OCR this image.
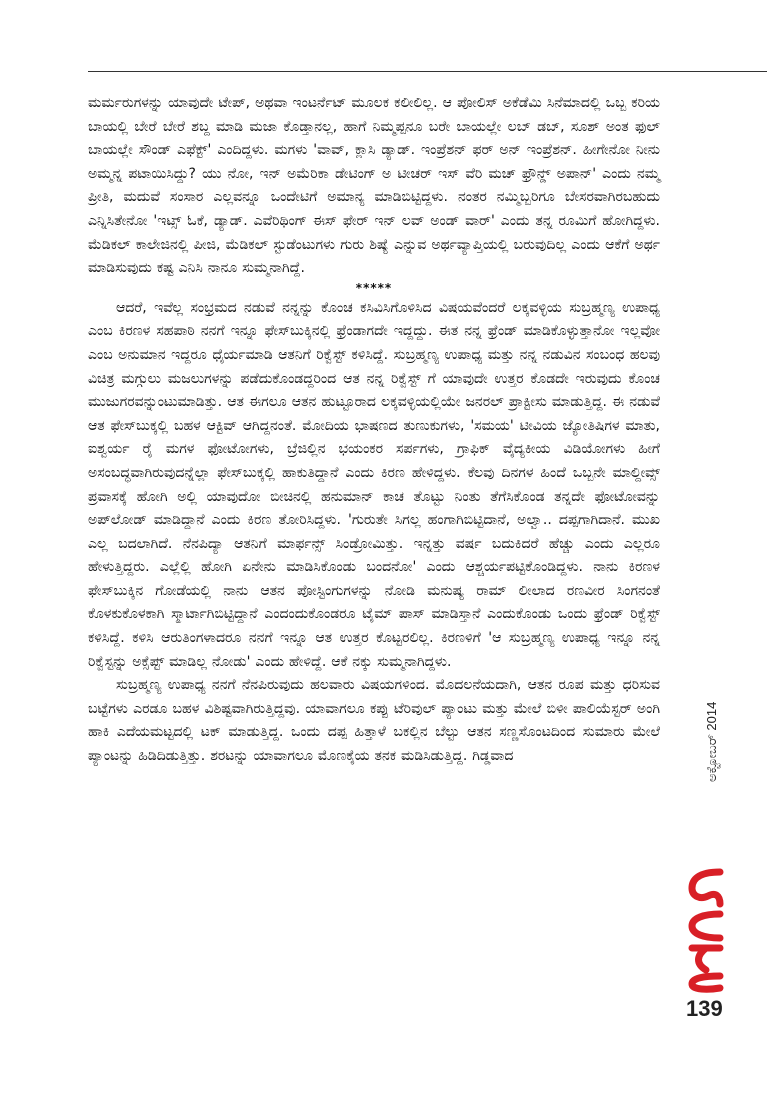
ಮರ್ಮರುಗಳನ್ನು ಯಾವುದೇ ಟೇಪ್, ಅಥವಾ ಇಂಟರ್ನೆಟ್ ಮೂಲಕ ಕಲೀಲಿಲ್ಲ. ಆ ಪೋಲಿಸ್ ಅಕೆಡೆಮಿ ಸಿನೆಮಾದಲ್ಲಿ ಒಬ್ಬ ಕರಿಯ ಬಾಯಲ್ಲಿ ಬೇರೆ ಬೇರೆ ಶಬ್ದ ಮಾಡಿ ಮಜಾ ಕೊಡ್ತಾನಲ್ಲ, ಹಾಗೆ ನಿಮ್ಮಪ್ಪನೂ ಬರೇ ಬಾಯಲ್ಲೇ ಲಬ್ ಡಬ್, ಸೂಶ್ ಅಂತ ಫುಲ್ ಬಾಯಲ್ಲೇ ಸೌಂಡ್ ಎಫೆಕ್ಟ್' ಎಂದಿದ್ದಳು. ಮಗಳು 'ವಾವ್, ಕ್ಲಾಸಿ ಡ್ಯಾಡ್. ಇಂಪ್ರೆಶನ್ ಫರ್ ಅನ್ ಇಂಪ್ರೆಶನ್. ಹೀಗೇನೋ ನೀನು ಅಮ್ಮನ್ನ ಪಟಾಯಿಸಿದ್ದು? ಯು ನೋ, ಇನ್ ಅಮೆರಿಕಾ ಡೇಟಿಂಗ್ ಅ ಟೀಚರ್ ಇಸ್ ವೆರಿ ಮಚ್ ಫ್ರೌನ್ಡ್ ಅಪಾನ್' ಎಂದು ನಮ್ಮ ಪ್ರೀತಿ, ಮದುವೆ ಸಂಸಾರ ಎಲ್ಲವನ್ನೂ ಒಂದೇಟಿಗೆ ಅಮಾನ್ಯ ಮಾಡಿಬಿಟ್ಟಿದ್ದಳು. ನಂತರ ನಮ್ಮಿಬ್ಬರಿಗೂ ಬೇಸರವಾಗಿರಬಹುದು ಎನ್ನಿಸಿತೇನೋ 'ಇಟ್ಸ್ ಓಕೆ, ಡ್ಯಾಡ್. ಎವೆರಿಥಿಂಗ್ ಈಸ್ ಫೇರ್ ಇನ್ ಲವ್ ಅಂಡ್ ವಾರ್' ಎಂದು ತನ್ನ ರೂಮಿಗೆ ಹೋಗಿದ್ದಳು. ಮೆಡಿಕಲ್ ಕಾಲೇಜಿನಲ್ಲಿ ಪೀಜಿ, ಮೆಡಿಕಲ್ ಸ್ಟುಡೆಂಟುಗಳು ಗುರು ಶಿಷ್ಯೆ ಎನ್ನುವ ಅರ್ಥವ್ಯಾಪ್ತಿಯಲ್ಲಿ ಬರುವುದಿಲ್ಲ ಎಂದು ಆಕೆಗೆ ಅರ್ಥ ಮಾಡಿಸುವುದು ಕಷ್ಟ ಎನಿಸಿ ನಾನೂ ಸುಮ್ಮನಾಗಿದ್ದೆ.

*****

ಆದರೆ, ಇವೆಲ್ಲ ಸಂಭ್ರಮದ ನಡುವೆ ನನ್ನನ್ನು ಕೊಂಚ ಕಸಿವಿಸಿಗೊಳಿಸಿದ ವಿಷಯವೆಂದರೆ ಲಕ್ಕವಳ್ಳಿಯ ಸುಬ್ರಹ್ಮಣ್ಯ ಉಪಾಧ್ಯ ಎಂಬ ಕಿರಣಳ ಸಹಪಾಠಿ ನನಗೆ ಇನ್ನೂ ಫೇಸ್‌ಬುಕ್ಕಿನಲ್ಲಿ ಫ್ರೆಂಡಾಗದೇ ಇದ್ದದ್ದು. ಈತ ನನ್ನ ಫ್ರೆಂಡ್ ಮಾಡಿಕೊಳ್ಳುತ್ತಾನೋ ಇಲ್ಲವೋ ಎಂಬ ಅನುಮಾನ ಇದ್ದರೂ ಧೈರ್ಯಮಾಡಿ ಆತನಿಗೆ ರಿಕ್ವೆಸ್ಟ್ ಕಳಿಸಿದ್ದೆ. ಸುಬ್ರಹ್ಮಣ್ಯ ಉಪಾಧ್ಯ ಮತ್ತು ನನ್ನ ನಡುವಿನ ಸಂಬಂಧ ಹಲವು ವಿಚಿತ್ರ ಮಗ್ಗುಲು ಮಜಲುಗಳನ್ನು ಪಡೆದುಕೊಂಡದ್ದರಿಂದ ಆತ ನನ್ನ ರಿಕ್ವೆಸ್ಟ್ ಗೆ ಯಾವುದೇ ಉತ್ತರ ಕೊಡದೇ ಇರುವುದು ಕೊಂಚ ಮುಜುಗರವನ್ನುಂಟುಮಾಡಿತ್ತು. ಆತ ಈಗಲೂ ಆತನ ಹುಟ್ಟೂರಾದ ಲಕ್ಕವಳ್ಳಿಯಲ್ಲಿಯೇ ಜನರಲ್ ಪ್ರಾಕ್ಟೀಸು ಮಾಡುತ್ತಿದ್ದ. ಈ ನಡುವೆ ಆತ ಫೇಸ್‌ಬುಕ್ಕಲ್ಲಿ ಬಹಳ ಆಕ್ಟಿವ್ ಆಗಿದ್ದನಂತೆ. ಮೋದಿಯ ಭಾಷಣದ ತುಣುಕುಗಳು, 'ಸಮಯ' ಟೀವಿಯ ಜ್ಯೋತಿಷಿಗಳ ಮಾತು, ಐಶ್ವರ್ಯ ರೈ ಮಗಳ ಫೋಟೋಗಳು, ಬ್ರೆಜಿಲ್ಲಿನ ಭಯಂಕರ ಸರ್ಪಗಳು, ಗ್ರಾಫಿಕ್ ವೈದ್ಯಕೀಯ ವಿಡಿಯೋಗಳು ಹೀಗೆ ಅಸಂಬದ್ಧವಾಗಿರುವುದನ್ನೆಲ್ಲಾ ಫೇಸ್‌ಬುಕ್ಕಲ್ಲಿ ಹಾಕುತಿದ್ದಾನೆ ಎಂದು ಕಿರಣ ಹೇಳಿದ್ದಳು. ಕೆಲವು ದಿನಗಳ ಹಿಂದೆ ಒಬ್ಬನೇ ಮಾಲ್ದೀವ್ಸ್ ಪ್ರವಾಸಕ್ಕೆ ಹೋಗಿ ಅಲ್ಲಿ ಯಾವುದೋ ಬೀಚಿನಲ್ಲಿ ಹನುಮಾನ್ ಕಾಚ ತೊಟ್ಟು ನಿಂತು ತೆಗೆಸಿಕೊಂಡ ತನ್ನದೇ ಫೋಟೋವನ್ನು ಅಪ್‌ಲೋಡ್ ಮಾಡಿದ್ದಾನೆ ಎಂದು ಕಿರಣ ತೋರಿಸಿದ್ದಳು. 'ಗುರುತೇ ಸಿಗಲ್ಲ ಹಂಗಾಗಿಬಿಟ್ಟಿದಾನೆ, ಅಲ್ವಾ.. ದಪ್ಪಗಾಗಿದಾನೆ. ಮುಖ ಎಲ್ಲ ಬದಲಾಗಿದೆ. ನೆನಪಿದ್ಯಾ ಆತನಿಗೆ ಮಾರ್ಫನ್ಸ್ ಸಿಂಡ್ರೋಮಿತ್ತು. ಇನ್ನತ್ತು ವರ್ಷ ಬದುಕಿದರೆ ಹೆಚ್ಚು ಎಂದು ಎಲ್ಲರೂ ಹೇಳುತ್ತಿದ್ದರು. ಎಲ್ಲೆಲ್ಲಿ ಹೋಗಿ ಏನೇನು ಮಾಡಿಸಿಕೊಂಡು ಬಂದನೋ' ಎಂದು ಆಶ್ಚರ್ಯಪಟ್ಟಿಕೊಂಡಿದ್ದಳು. ನಾನು ಕಿರಣಳ ಫೇಸ್‌ಬುಕ್ಕಿನ ಗೋಡೆಯಲ್ಲಿ ನಾನು ಆತನ ಪೋಸ್ಟಿಂಗುಗಳನ್ನು ನೋಡಿ ಮನುಷ್ಯ ರಾಮ್ ಲೀಲಾದ ರಣವೀರ ಸಿಂಗನಂತೆ ಕೊಳಕುಕೊಳಕಾಗಿ ಸ್ಮಾರ್ಟಾಗಿಬಿಟ್ಟಿದ್ದಾನೆ ಎಂದಂದುಕೊಂಡರೂ ಟೈಮ್ ಪಾಸ್ ಮಾಡಿಸ್ತಾನೆ ಎಂದುಕೊಂಡು ಒಂದು ಫ್ರೆಂಡ್ ರಿಕ್ವೆಸ್ಟ್ ಕಳಿಸಿದ್ದೆ. ಕಳಿಸಿ ಆರುತಿಂಗಳಾದರೂ ನನಗೆ ಇನ್ನೂ ಆತ ಉತ್ತರ ಕೊಟ್ಟರಲಿಲ್ಲ. ಕಿರಣಳಿಗೆ 'ಆ ಸುಬ್ರಹ್ಮಣ್ಯ ಉಪಾಧ್ಯ ಇನ್ನೂ ನನ್ನ ರಿಕ್ವೆಸ್ಟನ್ನು ಅಕ್ಸೆಪ್ಟ್ ಮಾಡಿಲ್ಲ ನೋಡು' ಎಂದು ಹೇಳಿದ್ದೆ. ಆಕೆ ನಕ್ಕು ಸುಮ್ಮನಾಗಿದ್ದಳು.

ಸುಬ್ರಹ್ಮಣ್ಯ ಉಪಾಧ್ಯ ನನಗೆ ನೆನಪಿರುವುದು ಹಲವಾರು ವಿಷಯಗಳಿಂದ. ಮೊದಲನೆಯದಾಗಿ, ಆತನ ರೂಪ ಮತ್ತು ಧರಿಸುವ ಬಟ್ಟೆಗಳು ಎರಡೂ ಬಹಳ ವಿಶಿಷ್ಟವಾಗಿರುತ್ತಿದ್ದವು. ಯಾವಾಗಲೂ ಕಪ್ಪು ಟೆರಿವುಲ್ ಪ್ಯಾಂಟು ಮತ್ತು ಮೇಲೆ ಬಿಳೀ ಪಾಲಿಯೆಸ್ಟರ್ ಅಂಗಿ ಹಾಕಿ ಎದೆಯಮಟ್ಟದಲ್ಲಿ ಟಕ್ ಮಾಡುತ್ತಿದ್ದ. ಒಂದು ದಪ್ಪ ಹಿತ್ತಾಳೆ ಬಕಲ್ಲಿನ ಬೆಲ್ಟು ಆತನ ಸಣ್ಣಸೊಂಟದಿಂದ ಸುಮಾರು ಮೇಲೆ ಪ್ಯಾಂಟನ್ನು ಹಿಡಿದಿಡುತ್ತಿತ್ತು. ಶರಟನ್ನು ಯಾವಾಗಲೂ ಮೊಣಕೈಯ ತನಕ ಮಡಿಸಿಡುತ್ತಿದ್ದ. ಗಿಡ್ಡವಾದ	ಅಕ್ಟೋಬರ್ 2014
139
